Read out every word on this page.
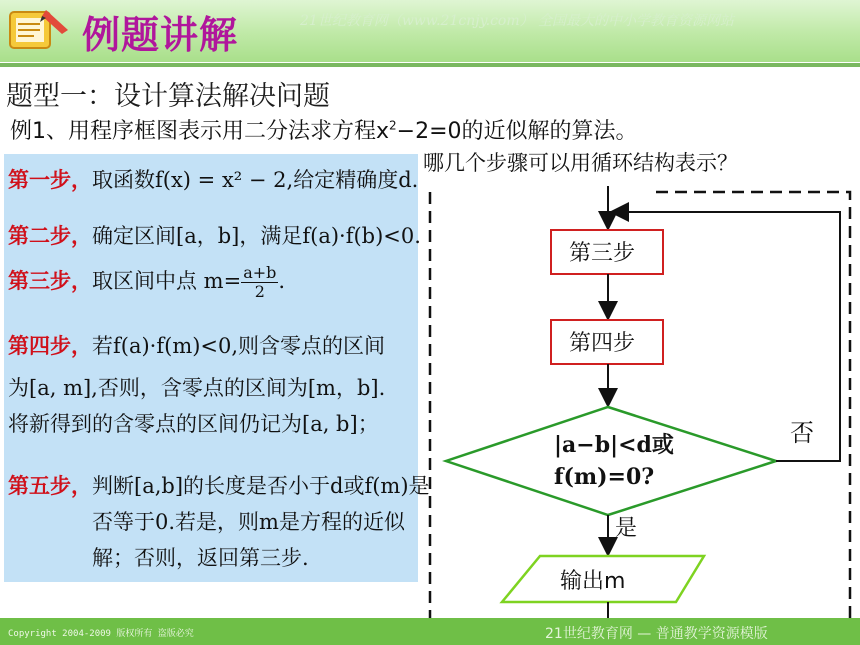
21世纪教育网（www.21cnjy.com） 全国最大的中小学教育资源网站
例题讲解
题型一：设计算法解决问题
例1、用程序框图表示用二分法求方程$x^2-2=0$的近似解的算法。
哪几个步骤可以用循环结构表示？
第一步，取函数f(x) = x² − 2,给定精确度d.
第二步，确定区间[a，b]，满足f(a)·f(b)<0.
第三步，取区间中点 $m= \frac{a+b}{2}$ .
第四步，若f(a)·f(m)<0,则含零点的区间
为[a, m],否则，含零点的区间为[m，b].
将新得到的含零点的区间仍记为[a, b]；
第五步，判断[a,b]的长度是否小于d或f(m)是
否等于0.若是，则m是方程的近似
解；否则，返回第三步.
第三步
第四步
|a−b|<d或
f(m)=0?
否
是
输出m
Copyright 2004-2009 版权所有 盗版必究	21世纪教育网 — 普通教学资源模版
